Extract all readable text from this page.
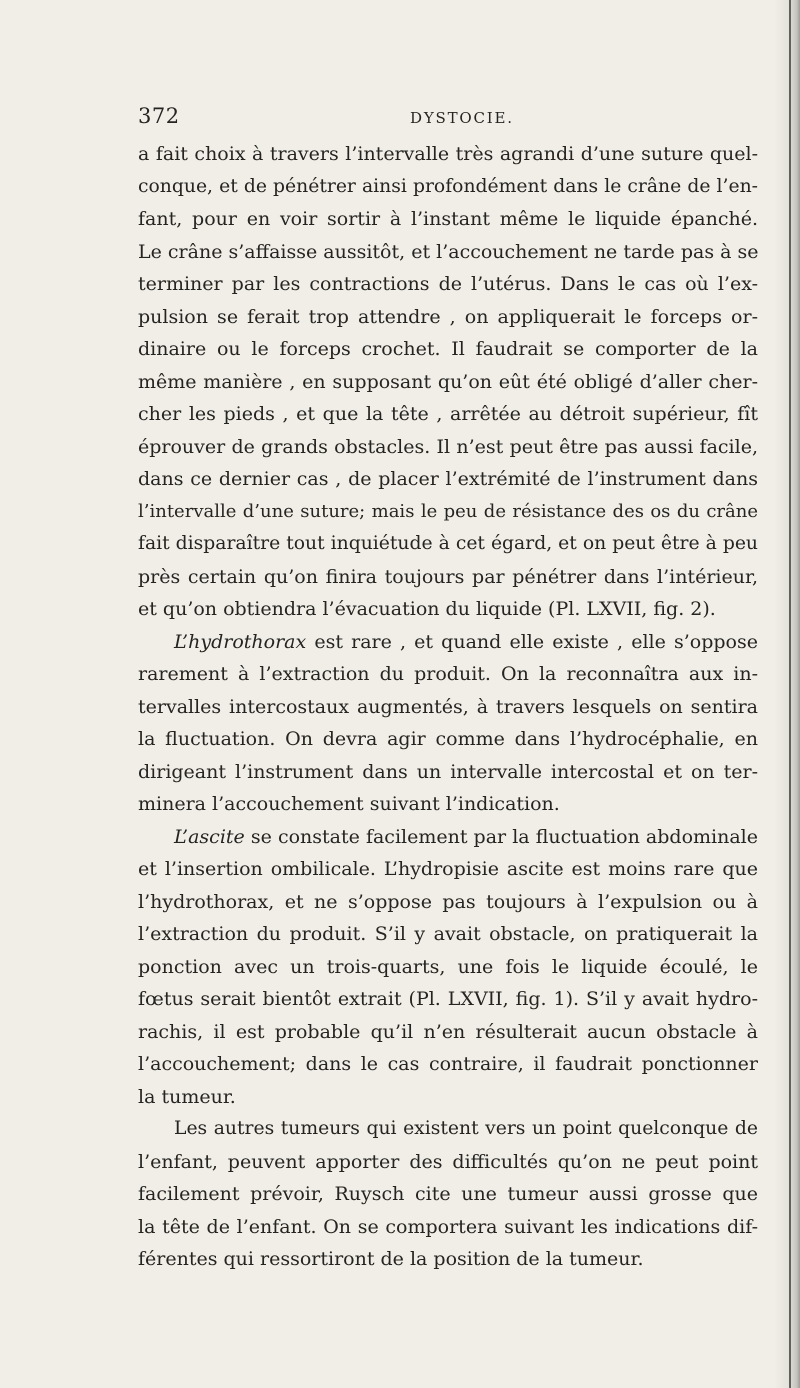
372	DYSTOCIE.
a fait choix à travers l’intervalle très agrandi d’une suture quel-
conque, et de pénétrer ainsi profondément dans le crâne de l’en-
fant, pour en voir sortir à l’instant même le liquide épanché.
Le crâne s’affaisse aussitôt, et l’accouchement ne tarde pas à se
terminer par les contractions de l’utérus. Dans le cas où l’ex-
pulsion se ferait trop attendre , on appliquerait le forceps or-
dinaire ou le forceps crochet. Il faudrait se comporter de la
même manière , en supposant qu’on eût été obligé d’aller cher-
cher les pieds , et que la tête , arrêtée au détroit supérieur, fît
éprouver de grands obstacles. Il n’est peut être pas aussi facile,
dans ce dernier cas , de placer l’extrémité de l’instrument dans
l’intervalle d’une suture; mais le peu de résistance des os du crâne
fait disparaître tout inquiétude à cet égard, et on peut être à peu
près certain qu’on finira toujours par pénétrer dans l’intérieur,
et qu’on obtiendra l’évacuation du liquide (Pl. LXVII, fig. 2).
L’hydrothorax est rare , et quand elle existe , elle s’oppose
rarement à l’extraction du produit. On la reconnaîtra aux in-
tervalles intercostaux augmentés, à travers lesquels on sentira
la fluctuation. On devra agir comme dans l’hydrocéphalie, en
dirigeant l’instrument dans un intervalle intercostal et on ter-
minera l’accouchement suivant l’indication.
L’ascite se constate facilement par la fluctuation abdominale
et l’insertion ombilicale. L’hydropisie ascite est moins rare que
l’hydrothorax, et ne s’oppose pas toujours à l’expulsion ou à
l’extraction du produit. S’il y avait obstacle, on pratiquerait la
ponction avec un trois-quarts, une fois le liquide écoulé, le
fœtus serait bientôt extrait (Pl. LXVII, fig. 1). S’il y avait hydro-
rachis, il est probable qu’il n’en résulterait aucun obstacle à
l’accouchement; dans le cas contraire, il faudrait ponctionner
la tumeur.
Les autres tumeurs qui existent vers un point quelconque de
l’enfant, peuvent apporter des difficultés qu’on ne peut point
facilement prévoir, Ruysch cite une tumeur aussi grosse que
la tête de l’enfant. On se comportera suivant les indications dif-
férentes qui ressortiront de la position de la tumeur.
